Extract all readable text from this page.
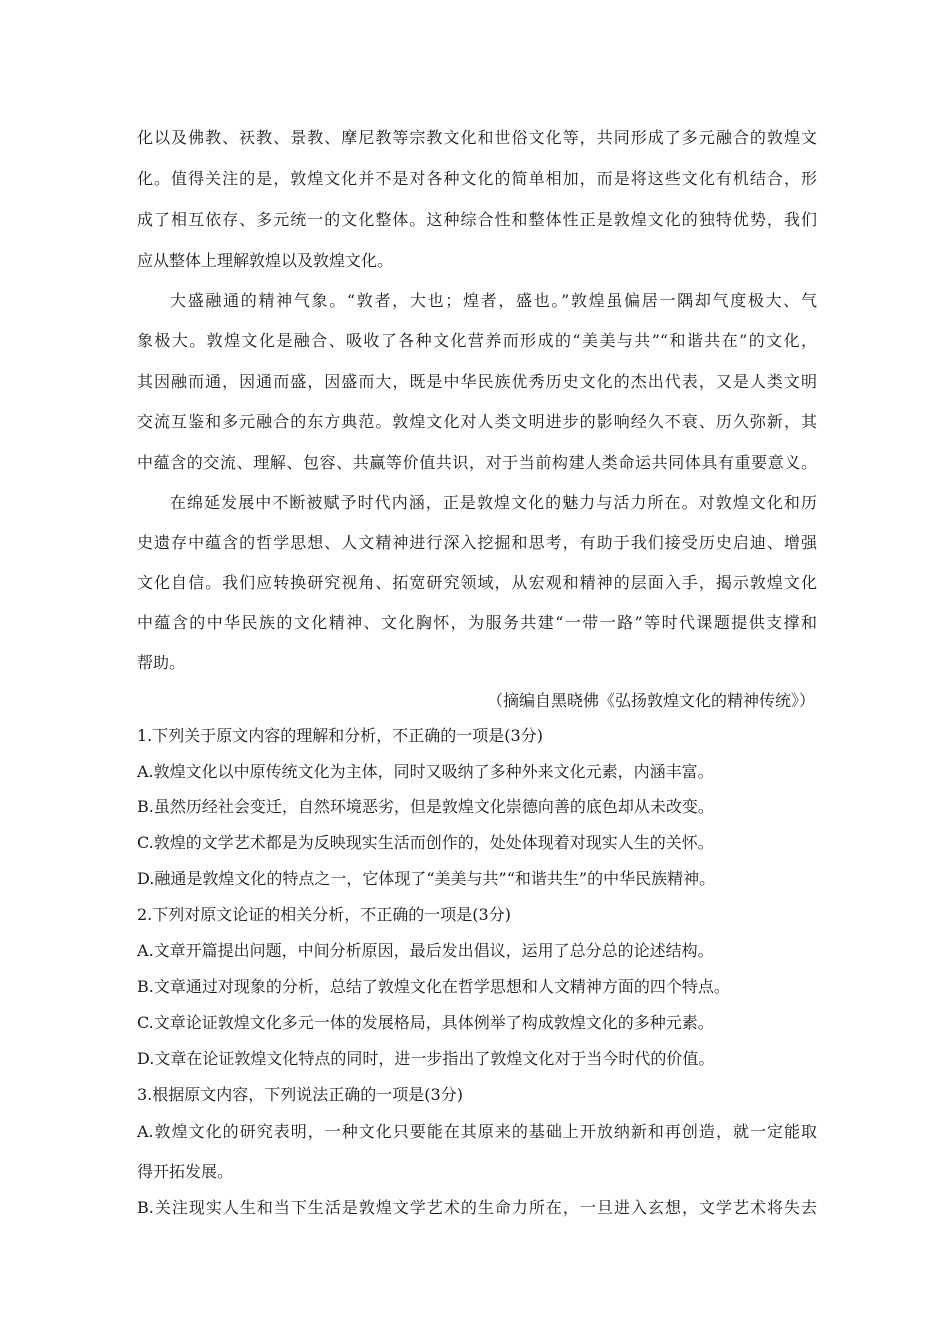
化以及佛教、祆教、景教、摩尼教等宗教文化和世俗文化等，共同形成了多元融合的敦煌文
化。值得关注的是，敦煌文化并不是对各种文化的简单相加，而是将这些文化有机结合，形
成了相互依存、多元统一的文化整体。这种综合性和整体性正是敦煌文化的独特优势，我们
应从整体上理解敦煌以及敦煌文化。
大盛融通的精神气象。“敦者，大也；煌者，盛也。”敦煌虽偏居一隅却气度极大、气
象极大。敦煌文化是融合、吸收了各种文化营养而形成的“美美与共”“和谐共在”的文化，
其因融而通，因通而盛，因盛而大，既是中华民族优秀历史文化的杰出代表，又是人类文明
交流互鉴和多元融合的东方典范。敦煌文化对人类文明进步的影响经久不衰、历久弥新，其
中蕴含的交流、理解、包容、共赢等价值共识，对于当前构建人类命运共同体具有重要意义。
在绵延发展中不断被赋予时代内涵，正是敦煌文化的魅力与活力所在。对敦煌文化和历
史遗存中蕴含的哲学思想、人文精神进行深入挖掘和思考，有助于我们接受历史启迪、增强
文化自信。我们应转换研究视角、拓宽研究领域，从宏观和精神的层面入手，揭示敦煌文化
中蕴含的中华民族的文化精神、文化胸怀，为服务共建“一带一路”等时代课题提供支撑和
帮助。
（摘编自黑晓佛《弘扬敦煌文化的精神传统》）
1.下列关于原文内容的理解和分析，不正确的一项是(3分)
A.敦煌文化以中原传统文化为主体，同时又吸纳了多种外来文化元素，内涵丰富。
B.虽然历经社会变迁，自然环境恶劣，但是敦煌文化崇德向善的底色却从未改变。
C.敦煌的文学艺术都是为反映现实生活而创作的，处处体现着对现实人生的关怀。
D.融通是敦煌文化的特点之一，它体现了“美美与共”“和谐共生”的中华民族精神。
2.下列对原文论证的相关分析，不正确的一项是(3分)
A.文章开篇提出问题，中间分析原因，最后发出倡议，运用了总分总的论述结构。
B.文章通过对现象的分析，总结了敦煌文化在哲学思想和人文精神方面的四个特点。
C.文章论证敦煌文化多元一体的发展格局，具体例举了构成敦煌文化的多种元素。
D.文章在论证敦煌文化特点的同时，进一步指出了敦煌文化对于当今时代的价值。
3.根据原文内容，下列说法正确的一项是(3分)
A.敦煌文化的研究表明，一种文化只要能在其原来的基础上开放纳新和再创造，就一定能取
得开拓发展。
B.关注现实人生和当下生活是敦煌文学艺术的生命力所在，一旦进入玄想，文学艺术将失去
